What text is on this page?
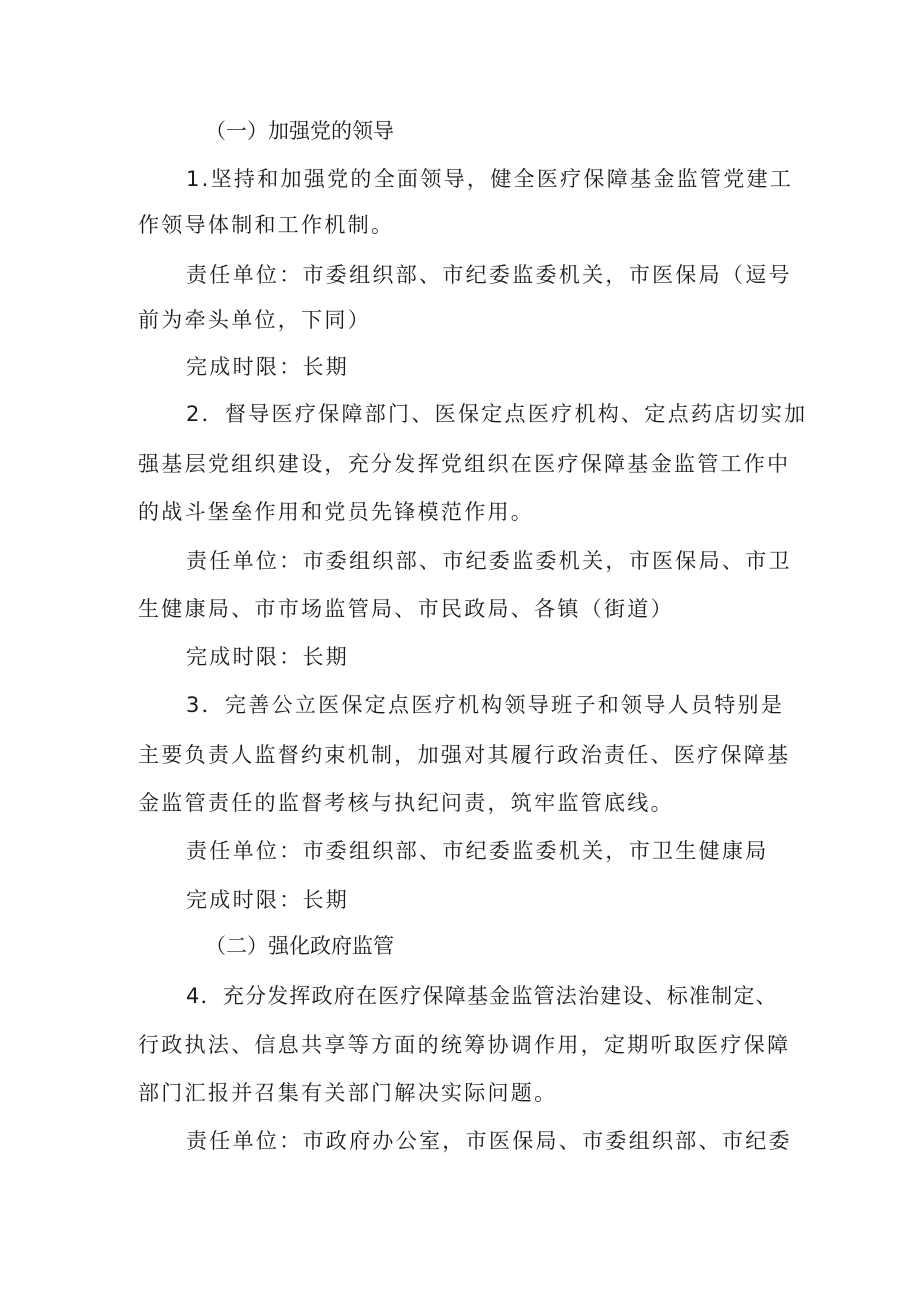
（一）加强党的领导

1.坚持和加强党的全面领导，健全医疗保障基金监管党建工

作领导体制和工作机制。

责任单位：市委组织部、市纪委监委机关，市医保局（逗号

前为牵头单位，下同）

完成时限：长期

2．督导医疗保障部门、医保定点医疗机构、定点药店切实加

强基层党组织建设，充分发挥党组织在医疗保障基金监管工作中

的战斗堡垒作用和党员先锋模范作用。

责任单位：市委组织部、市纪委监委机关，市医保局、市卫

生健康局、市市场监管局、市民政局、各镇（街道）

完成时限：长期

3．完善公立医保定点医疗机构领导班子和领导人员特别是

主要负责人监督约束机制，加强对其履行政治责任、医疗保障基

金监管责任的监督考核与执纪问责，筑牢监管底线。

责任单位：市委组织部、市纪委监委机关，市卫生健康局

完成时限：长期

（二）强化政府监管

4．充分发挥政府在医疗保障基金监管法治建设、标准制定、

行政执法、信息共享等方面的统筹协调作用，定期听取医疗保障

部门汇报并召集有关部门解决实际问题。

责任单位：市政府办公室，市医保局、市委组织部、市纪委
